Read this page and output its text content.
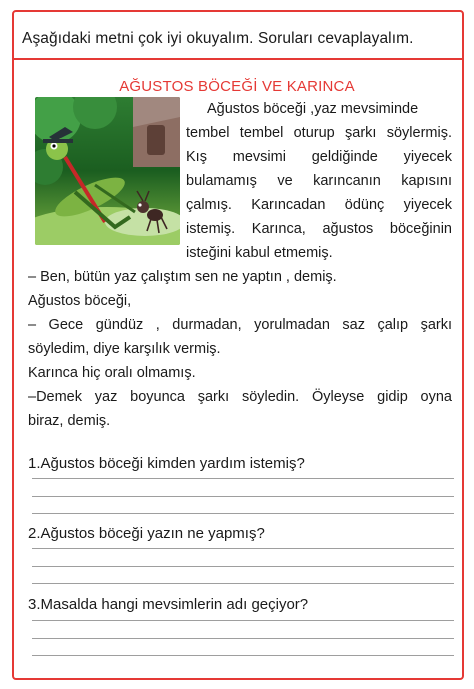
Aşağıdaki metni çok iyi okuyalım. Soruları cevaplayalım.
AĞUSTOS BÖCEĞİ VE KARINCA
Ağustos böceği ,yaz mevsiminde
tembel tembel oturup şarkı söylermiş.
Kış mevsimi geldiğinde yiyecek
bulamamış ve karıncanın kapısını
çalmış. Karıncadan ödünç yiyecek
istemiş. Karınca, ağustos böceğinin
isteğini kabul etmemiş.
– Ben, bütün yaz çalıştım sen ne yaptın , demiş.
Ağustos böceği,
– Gece gündüz , durmadan, yorulmadan saz çalıp şarkı
söyledim, diye karşılık vermiş.
Karınca hiç oralı olmamış.
–Demek yaz boyunca şarkı söyledin. Öyleyse gidip oyna
biraz, demiş.
1.Ağustos böceği kimden yardım istemiş?
2.Ağustos böceği yazın ne yapmış?
3.Masalda hangi mevsimlerin adı geçiyor?
